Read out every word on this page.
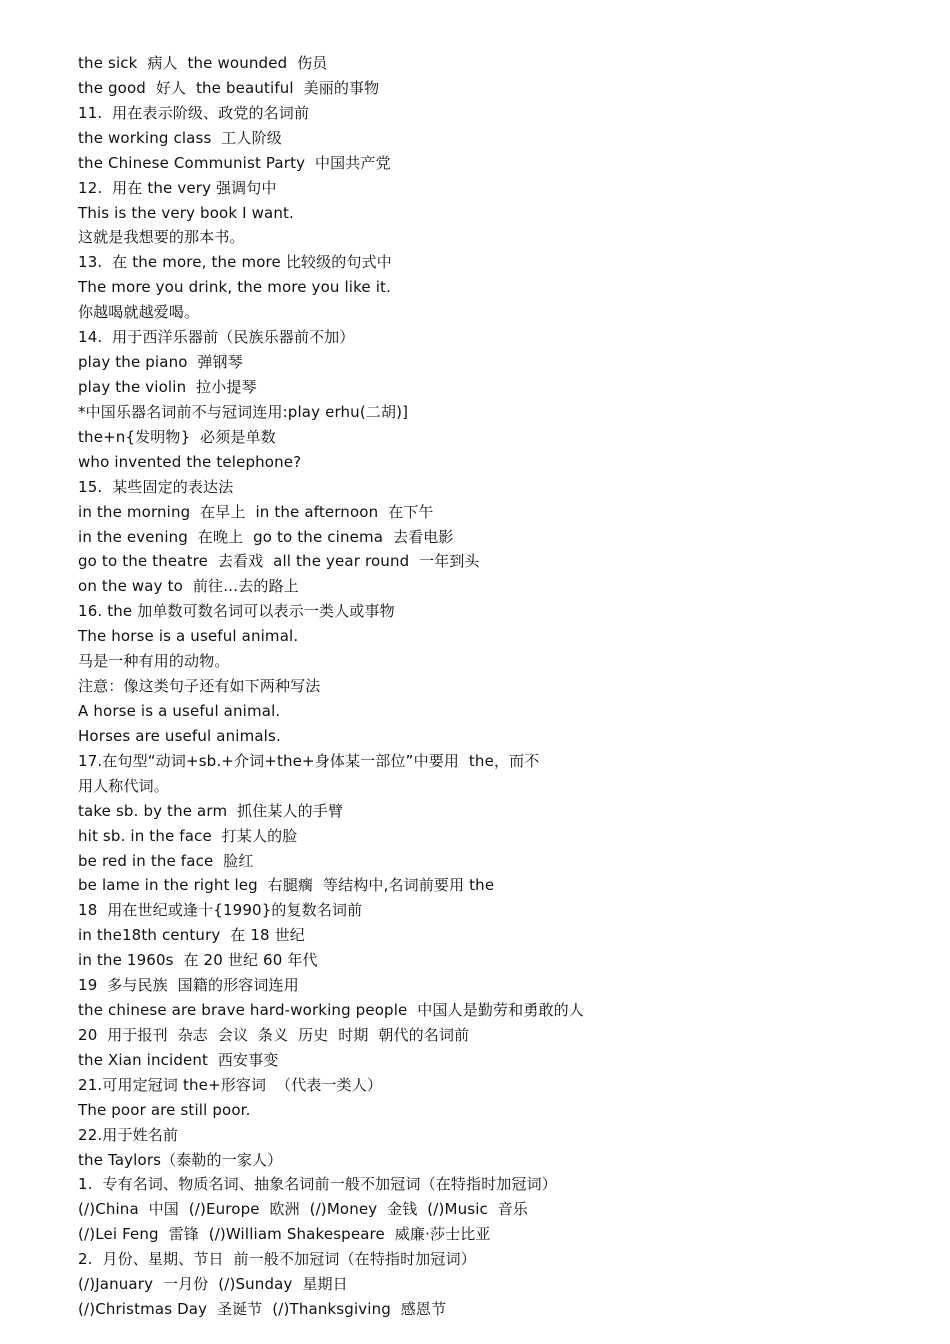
the sick  病人  the wounded  伤员
the good  好人  the beautiful  美丽的事物
11.  用在表示阶级、政党的名词前
the working class  工人阶级
the Chinese Communist Party  中国共产党
12.  用在 the very 强调句中
This is the very book I want.
这就是我想要的那本书。
13.  在 the more, the more 比较级的句式中
The more you drink, the more you like it.
你越喝就越爱喝。
14.  用于西洋乐器前（民族乐器前不加）
play the piano  弹钢琴
play the violin  拉小提琴
*中国乐器名词前不与冠词连用:play erhu(二胡)]
the+n{发明物}  必须是单数
who invented the telephone?
15.  某些固定的表达法
in the morning  在早上  in the afternoon  在下午
in the evening  在晚上  go to the cinema  去看电影
go to the theatre  去看戏  all the year round  一年到头
on the way to  前往…去的路上
16. the 加单数可数名词可以表示一类人或事物
The horse is a useful animal.
马是一种有用的动物。
注意：像这类句子还有如下两种写法
A horse is a useful animal.
Horses are useful animals.
17.在句型“动词+sb.+介词+the+身体某一部位”中要用  the，而不
用人称代词。
take sb. by the arm  抓住某人的手臂
hit sb. in the face  打某人的脸
be red in the face  脸红
be lame in the right leg  右腿瘸  等结构中,名词前要用 the
18  用在世纪或逢十{1990}的复数名词前
in the18th century  在 18 世纪
in the 1960s  在 20 世纪 60 年代
19  多与民族  国籍的形容词连用
the chinese are brave hard-working people  中国人是勤劳和勇敢的人
20  用于报刊  杂志  会议  条义  历史  时期  朝代的名词前
the Xian incident  西安事变
21.可用定冠词 the+形容词  （代表一类人）
The poor are still poor.
22.用于姓名前
the Taylors（泰勒的一家人）
1.  专有名词、物质名词、抽象名词前一般不加冠词（在特指时加冠词）
(/)China  中国  (/)Europe  欧洲  (/)Money  金钱  (/)Music  音乐
(/)Lei Feng  雷锋  (/)William Shakespeare  威廉·莎士比亚
2.  月份、星期、节日  前一般不加冠词（在特指时加冠词）
(/)January  一月份  (/)Sunday  星期日
(/)Christmas Day  圣诞节  (/)Thanksgiving  感恩节
